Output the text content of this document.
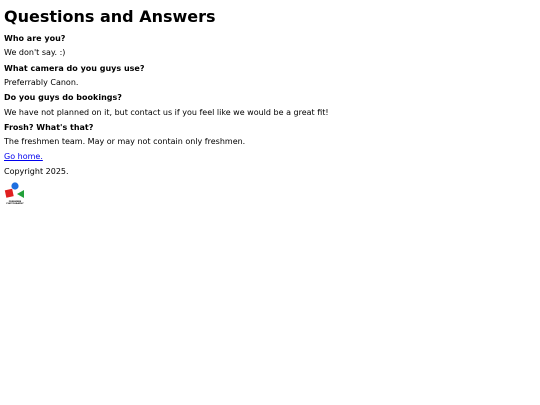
Questions and Answers

Who are you?

We don't say. :)

What camera do you guys use?

Preferrably Canon.

Do you guys do bookings?

We have not planned on it, but contact us if you feel like we would be a great fit!

Frosh? What's that?

The freshmen team. May or may not contain only freshmen.

Go home.

Copyright 2025.

FRESHMEN
PHOTOGRAPHY
